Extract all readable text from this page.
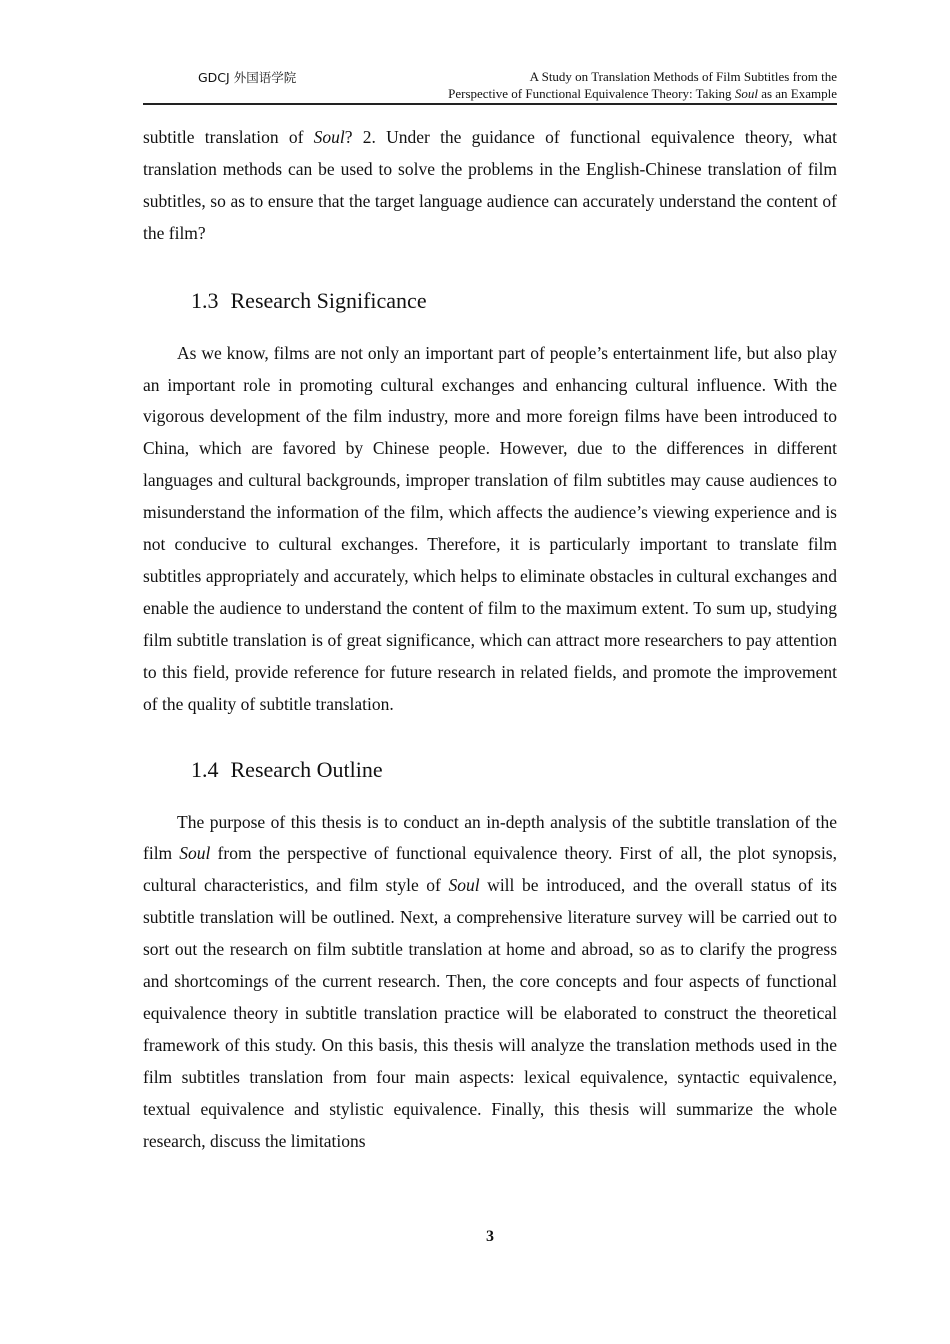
GDCJ 外国语学院	A Study on Translation Methods of Film Subtitles from the
Perspective of Functional Equivalence Theory: Taking Soul as an Example

subtitle translation of Soul? 2. Under the guidance of functional equivalence theory, what translation methods can be used to solve the problems in the English-Chinese translation of film subtitles, so as to ensure that the target language audience can accurately understand the content of the film?

1.3 Research Significance

As we know, films are not only an important part of people’s entertainment life, but also play an important role in promoting cultural exchanges and enhancing cultural influence. With the vigorous development of the film industry, more and more foreign films have been introduced to China, which are favored by Chinese people. However, due to the differences in different languages and cultural backgrounds, improper translation of film subtitles may cause audiences to misunderstand the information of the film, which affects the audience’s viewing experience and is not conducive to cultural exchanges. Therefore, it is particularly important to translate film subtitles appropriately and accurately, which helps to eliminate obstacles in cultural exchanges and enable the audience to understand the content of film to the maximum extent. To sum up, studying film subtitle translation is of great significance, which can attract more researchers to pay attention to this field, provide reference for future research in related fields, and promote the improvement of the quality of subtitle translation.

1.4 Research Outline

The purpose of this thesis is to conduct an in-depth analysis of the subtitle translation of the film Soul from the perspective of functional equivalence theory. First of all, the plot synopsis, cultural characteristics, and film style of Soul will be introduced, and the overall status of its subtitle translation will be outlined. Next, a comprehensive literature survey will be carried out to sort out the research on film subtitle translation at home and abroad, so as to clarify the progress and shortcomings of the current research. Then, the core concepts and four aspects of functional equivalence theory in subtitle translation practice will be elaborated to construct the theoretical framework of this study. On this basis, this thesis will analyze the translation methods used in the film subtitles translation from four main aspects: lexical equivalence, syntactic equivalence, textual equivalence and stylistic equivalence. Finally, this thesis will summarize the whole research, discuss the limitations

3
